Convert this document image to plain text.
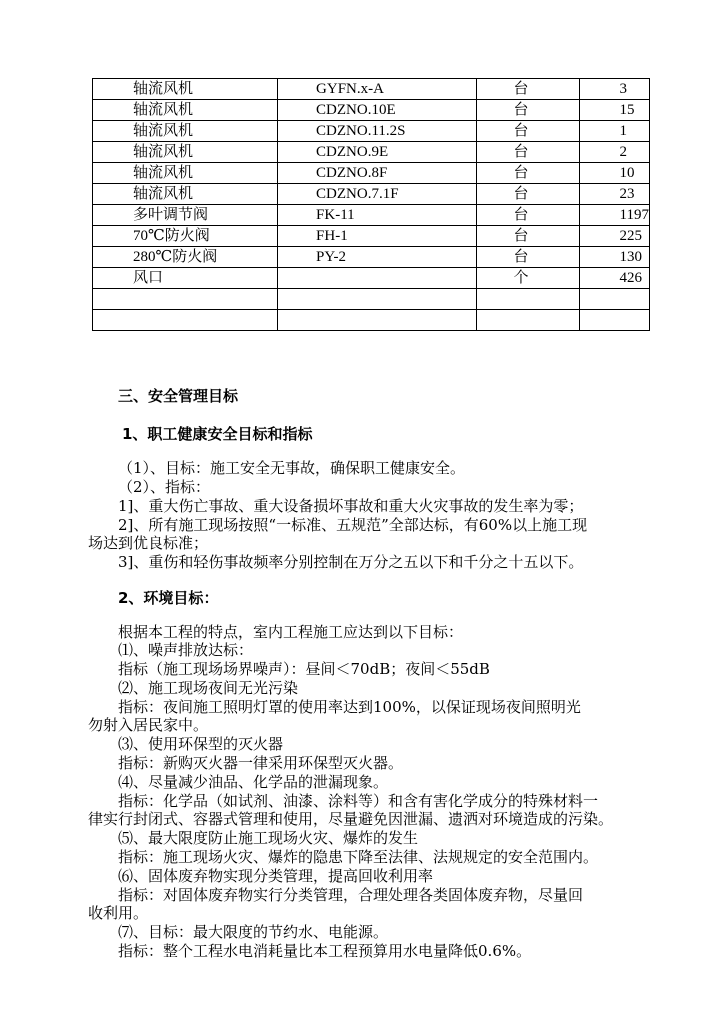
轴流风机	GYFN.x-A	台	3
轴流风机	CDZNO.10E	台	15
轴流风机	CDZNO.11.2S	台	1
轴流风机	CDZNO.9E	台	2
轴流风机	CDZNO.8F	台	10
轴流风机	CDZNO.7.1F	台	23
多叶调节阀	FK-11	台	1197
70℃防火阀	FH-1	台	225
280℃防火阀	PY-2	台	130
风口		个	426

三、安全管理目标
1、职工健康安全目标和指标
（1）、目标：施工安全无事故，确保职工健康安全。
（2）、指标：
1]、重大伤亡事故、重大设备损坏事故和重大火灾事故的发生率为零；
2]、所有施工现场按照“一标准、五规范”全部达标，有60%以上施工现
场达到优良标准；
3]、重伤和轻伤事故频率分别控制在万分之五以下和千分之十五以下。
2、环境目标：
根据本工程的特点，室内工程施工应达到以下目标：
⑴、噪声排放达标：
指标（施工现场场界噪声）：昼间＜70dB；夜间＜55dB
⑵、施工现场夜间无光污染
指标：夜间施工照明灯罩的使用率达到100%，以保证现场夜间照明光
勿射入居民家中。
⑶、使用环保型的灭火器
指标：新购灭火器一律采用环保型灭火器。
⑷、尽量减少油品、化学品的泄漏现象。
指标：化学品（如试剂、油漆、涂料等）和含有害化学成分的特殊材料一
律实行封闭式、容器式管理和使用，尽量避免因泄漏、遗洒对环境造成的污染。
⑸、最大限度防止施工现场火灾、爆炸的发生
指标：施工现场火灾、爆炸的隐患下降至法律、法规规定的安全范围内。
⑹、固体废弃物实现分类管理，提高回收利用率
指标：对固体废弃物实行分类管理，合理处理各类固体废弃物，尽量回
收利用。
⑺、目标：最大限度的节约水、电能源。
指标：整个工程水电消耗量比本工程预算用水电量降低0.6%。
